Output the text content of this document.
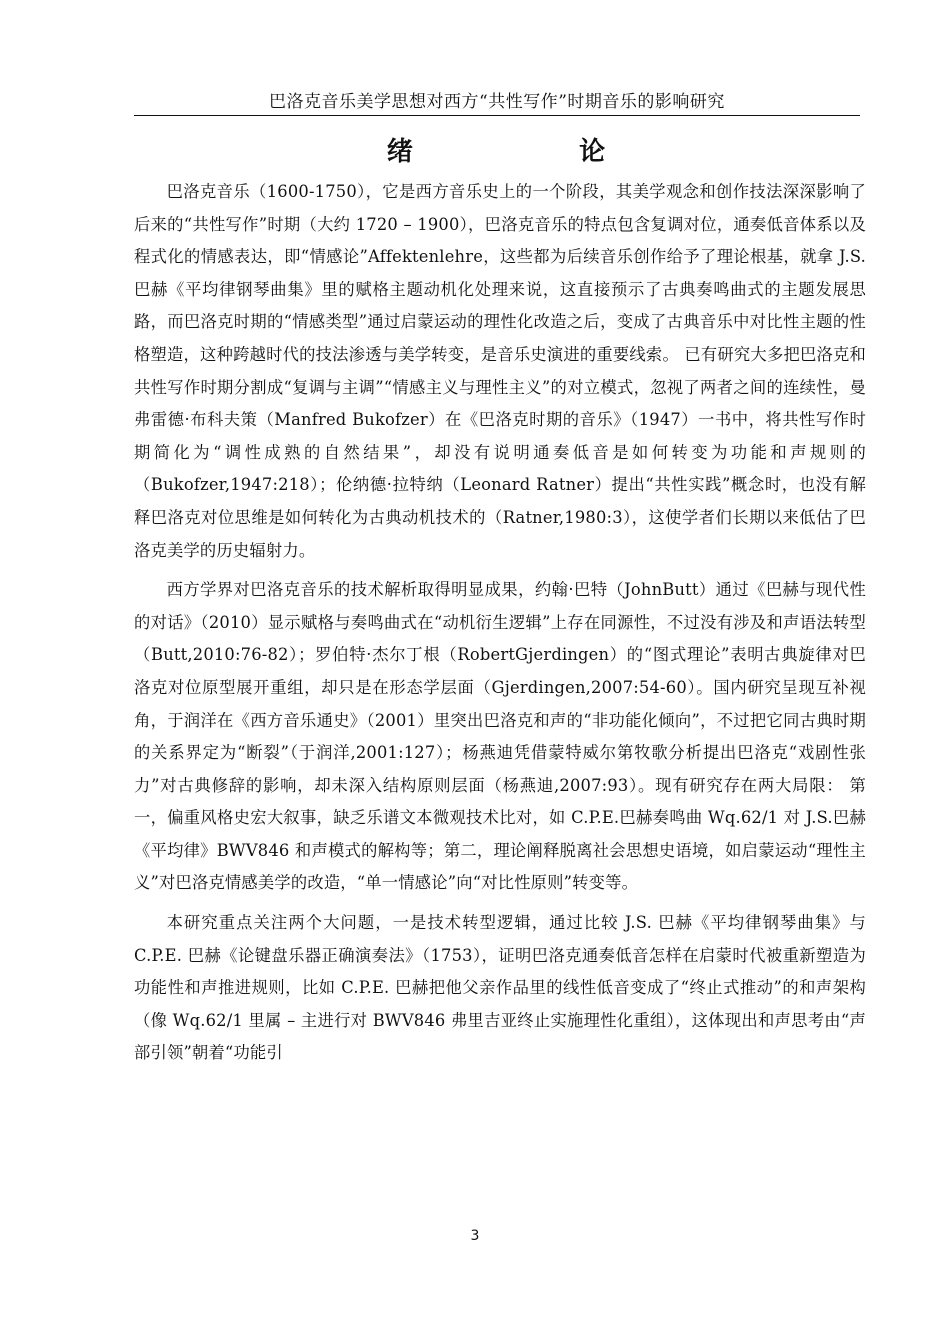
巴洛克音乐美学思想对西方“共性写作”时期音乐的影响研究
绪    论

巴洛克音乐（1600-1750），它是西方音乐史上的一个阶段，其美学观念和创作技法深深影响了后来的“共性写作”时期（大约 1720 – 1900），巴洛克音乐的特点包含复调对位，通奏低音体系以及程式化的情感表达，即“情感论”Affektenlehre，这些都为后续音乐创作给予了理论根基，就拿 J.S.巴赫《平均律钢琴曲集》里的赋格主题动机化处理来说，这直接预示了古典奏鸣曲式的主题发展思路，而巴洛克时期的“情感类型”通过启蒙运动的理性化改造之后，变成了古典音乐中对比性主题的性格塑造，这种跨越时代的技法渗透与美学转变，是音乐史演进的重要线索。 已有研究大多把巴洛克和共性写作时期分割成“复调与主调”“情感主义与理性主义”的对立模式，忽视了两者之间的连续性，曼弗雷德·布科夫策（Manfred Bukofzer）在《巴洛克时期的音乐》（1947）一书中，将共性写作时期简化为“调性成熟的自然结果”，却没有说明通奏低音是如何转变为功能和声规则的（Bukofzer,1947:218）；伦纳德·拉特纳（Leonard Ratner）提出“共性实践”概念时，也没有解释巴洛克对位思维是如何转化为古典动机技术的（Ratner,1980:3），这使学者们长期以来低估了巴洛克美学的历史辐射力。

西方学界对巴洛克音乐的技术解析取得明显成果，约翰·巴特（JohnButt）通过《巴赫与现代性的对话》（2010）显示赋格与奏鸣曲式在“动机衍生逻辑”上存在同源性，不过没有涉及和声语法转型（Butt,2010:76-82）；罗伯特·杰尔丁根（RobertGjerdingen）的“图式理论”表明古典旋律对巴洛克对位原型展开重组，却只是在形态学层面（Gjerdingen,2007:54-60）。国内研究呈现互补视角，于润洋在《西方音乐通史》（2001）里突出巴洛克和声的“非功能化倾向”，不过把它同古典时期的关系界定为“断裂”（于润洋,2001:127）；杨燕迪凭借蒙特威尔第牧歌分析提出巴洛克“戏剧性张力”对古典修辞的影响，却未深入结构原则层面（杨燕迪,2007:93）。现有研究存在两大局限： 第一，偏重风格史宏大叙事，缺乏乐谱文本微观技术比对，如 C.P.E.巴赫奏鸣曲 Wq.62/1 对 J.S.巴赫《平均律》BWV846 和声模式的解构等；第二，理论阐释脱离社会思想史语境，如启蒙运动“理性主义”对巴洛克情感美学的改造，“单一情感论”向“对比性原则”转变等。

本研究重点关注两个大问题，一是技术转型逻辑，通过比较 J.S. 巴赫《平均律钢琴曲集》与 C.P.E. 巴赫《论键盘乐器正确演奏法》（1753），证明巴洛克通奏低音怎样在启蒙时代被重新塑造为功能性和声推进规则，比如 C.P.E. 巴赫把他父亲作品里的线性低音变成了“终止式推动”的和声架构（像 Wq.62/1 里属 – 主进行对 BWV846 弗里吉亚终止实施理性化重组），这体现出和声思考由“声部引领”朝着“功能引

3
